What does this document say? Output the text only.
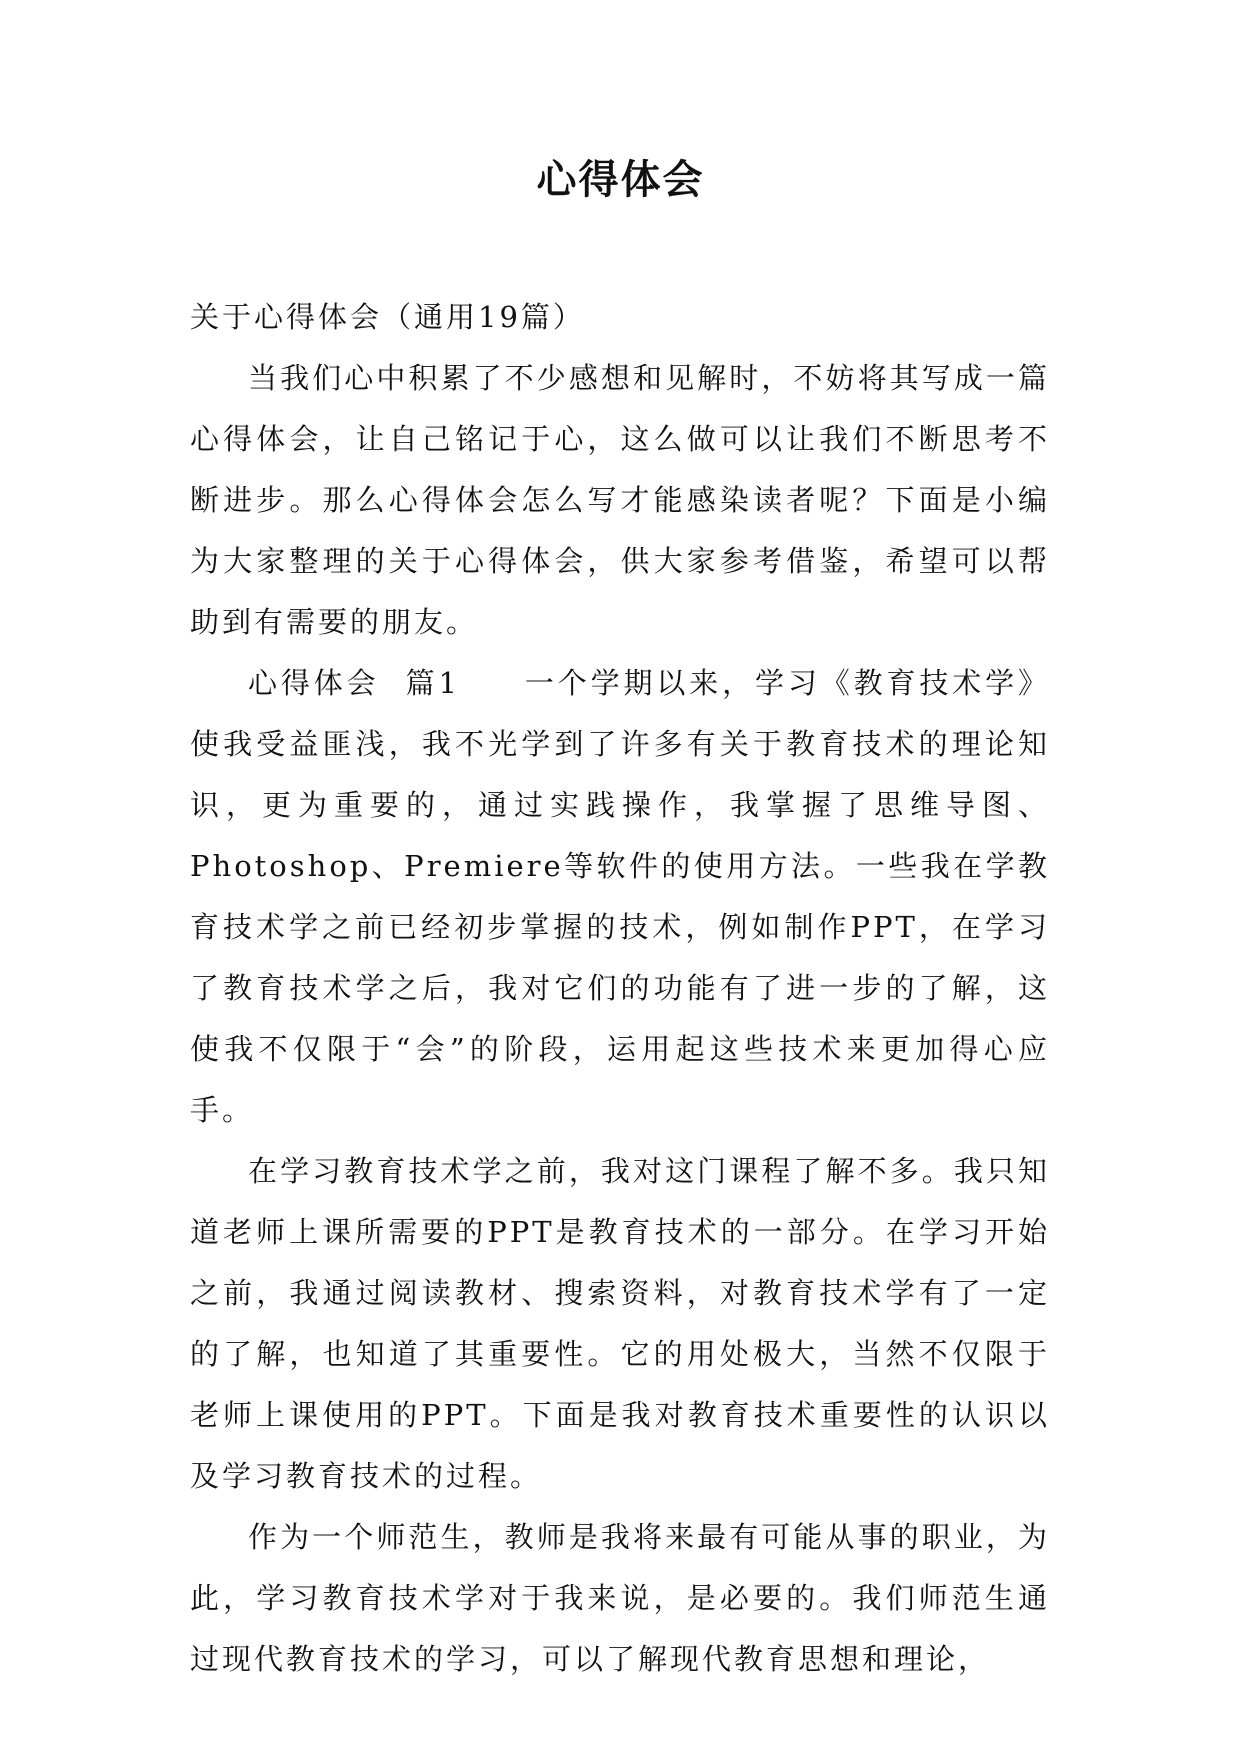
心得体会

关于心得体会（通用19篇）

当我们心中积累了不少感想和见解时，不妨将其写成一篇心得体会，让自己铭记于心，这么做可以让我们不断思考不断进步。那么心得体会怎么写才能感染读者呢？下面是小编为大家整理的关于心得体会，供大家参考借鉴，希望可以帮助到有需要的朋友。

心得体会  篇1 一个学期以来，学习《教育技术学》使我受益匪浅，我不光学到了许多有关于教育技术的理论知识，更为重要的，通过实践操作，我掌握了思维导图、Photoshop、Premiere等软件的使用方法。一些我在学教育技术学之前已经初步掌握的技术，例如制作PPT，在学习了教育技术学之后，我对它们的功能有了进一步的了解，这使我不仅限于“会”的阶段，运用起这些技术来更加得心应手。

在学习教育技术学之前，我对这门课程了解不多。我只知道老师上课所需要的PPT是教育技术的一部分。在学习开始之前，我通过阅读教材、搜索资料，对教育技术学有了一定的了解，也知道了其重要性。它的用处极大，当然不仅限于老师上课使用的PPT。下面是我对教育技术重要性的认识以及学习教育技术的过程。

作为一个师范生，教师是我将来最有可能从事的职业，为此，学习教育技术学对于我来说，是必要的。我们师范生通过现代教育技术的学习，可以了解现代教育思想和理论，
